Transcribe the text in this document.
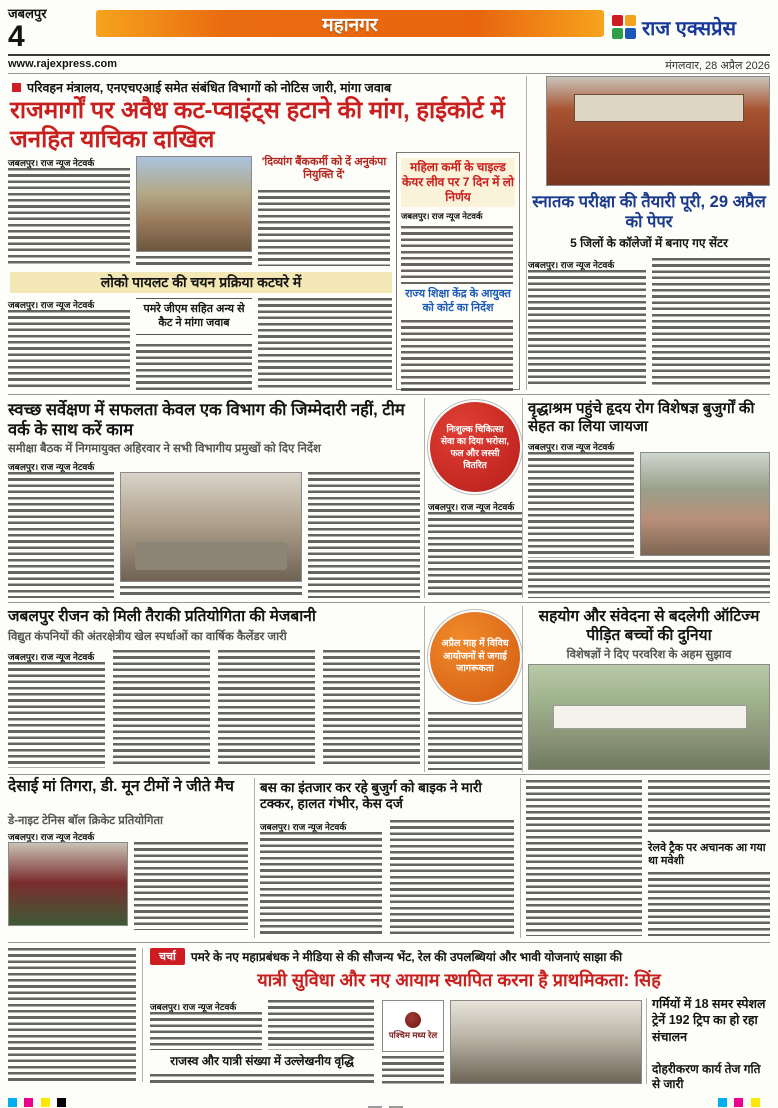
जबलपुर
4	महानगर	राज एक्सप्रेस
www.rajexpress.com	मंगलवार, 28 अप्रैल 2026
परिवहन मंत्रालय, एनएचएआई समेत संबंधित विभागों को नोटिस जारी, मांगा जवाब
राजमार्गों पर अवैध कट-प्वाइंट्स हटाने की मांग, हाईकोर्ट में जनहित याचिका दाखिल
जबलपुर। राज न्यूज नेटवर्क	'दिव्यांग बैंककर्मी को दें अनुकंपा नियुक्ति दें'
महिला कर्मी के चाइल्ड केयर लीव पर 7 दिन में लो निर्णय
जबलपुर। राज न्यूज नेटवर्क
राज्य शिक्षा केंद्र के आयुक्त को कोर्ट का निर्देश
लोको पायलट की चयन प्रक्रिया कटघरे में
जबलपुर। राज न्यूज नेटवर्क	पमरे जीएम सहित अन्य से कैट ने मांगा जवाब
स्नातक परीक्षा की तैयारी पूरी, 29 अप्रैल को पेपर
5 जिलों के कॉलेजों में बनाए गए सेंटर
जबलपुर। राज न्यूज नेटवर्क
स्वच्छ सर्वेक्षण में सफलता केवल एक विभाग की जिम्मेदारी नहीं, टीम वर्क के साथ करें काम
समीक्षा बैठक में निगमायुक्त अहिरवार ने सभी विभागीय प्रमुखों को दिए निर्देश
जबलपुर। राज न्यूज नेटवर्क
निःशुल्क चिकित्सा सेवा का दिया भरोसा, फल और लस्सी वितरित
जबलपुर। राज न्यूज नेटवर्क
वृद्धाश्रम पहुंचे हृदय रोग विशेषज्ञ बुजुर्गों की सेहत का लिया जायजा
जबलपुर। राज न्यूज नेटवर्क
जबलपुर रीजन को मिली तैराकी प्रतियोगिता की मेजबानी
विद्युत कंपनियों की अंतरक्षेत्रीय खेल स्पर्धाओं का वार्षिक कैलेंडर जारी
जबलपुर। राज न्यूज नेटवर्क
अप्रैल माह में विविध आयोजनों से जगाई जागरूकता
सहयोग और संवेदना से बदलेगी ऑटिज्म पीड़ित बच्चों की दुनिया
विशेषज्ञों ने दिए परवरिश के अहम सुझाव
देसाई मां तिगरा, डी. मून टीमों ने जीते मैच
डे-नाइट टेनिस बॉल क्रिकेट प्रतियोगिता
जबलपुर। राज न्यूज नेटवर्क
बस का इंतजार कर रहे बुजुर्ग को बाइक ने मारी टक्कर, हालत गंभीर, केस दर्ज
जबलपुर। राज न्यूज नेटवर्क
रेलवे ट्रैक पर अचानक आ गया था मवेशी
चर्चा	पमरे के नए महाप्रबंधक ने मीडिया से की सौजन्य भेंट, रेल की उपलब्धियां और भावी योजनाएं साझा की
यात्री सुविधा और नए आयाम स्थापित करना है प्राथमिकता: सिंह
जबलपुर। राज न्यूज नेटवर्क
राजस्व और यात्री संख्या में उल्लेखनीय वृद्धि
पश्चिम मध्य रेल
गर्मियों में 18 समर स्पेशल ट्रेनें 192 ट्रिप का हो रहा संचालन
दोहरीकरण कार्य तेज गति से जारी
